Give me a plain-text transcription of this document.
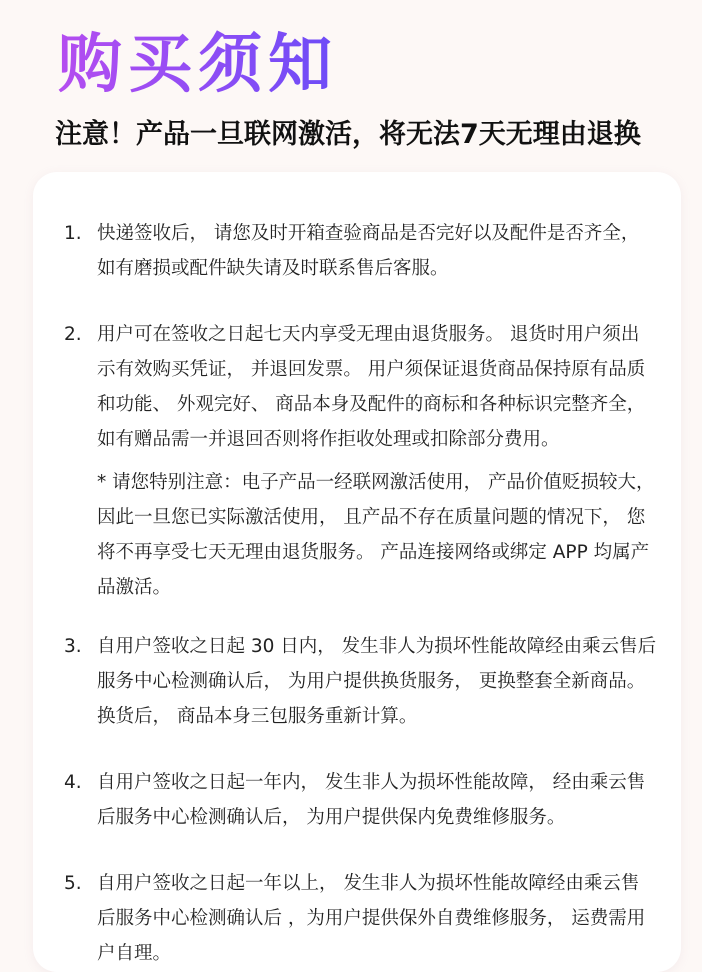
购买须知
注意！产品一旦联网激活，将无法7天无理由退换
1. 快递签收后， 请您及时开箱查验商品是否完好以及配件是否齐全， 如有磨损或配件缺失请及时联系售后客服。
2. 用户可在签收之日起七天内享受无理由退货服务。 退货时用户须出示有效购买凭证， 并退回发票。 用户须保证退货商品保持原有品质和功能、 外观完好、 商品本身及配件的商标和各种标识完整齐全， 如有赠品需一并退回否则将作拒收处理或扣除部分费用。
* 请您特别注意：电子产品一经联网激活使用， 产品价值贬损较大， 因此一旦您已实际激活使用， 且产品不存在质量问题的情况下， 您将不再享受七天无理由退货服务。 产品连接网络或绑定 APP 均属产品激活。
3. 自用户签收之日起 30 日内， 发生非人为损坏性能故障经由乘云售后服务中心检测确认后， 为用户提供换货服务， 更换整套全新商品。 换货后， 商品本身三包服务重新计算。
4. 自用户签收之日起一年内， 发生非人为损坏性能故障， 经由乘云售后服务中心检测确认后， 为用户提供保内免费维修服务。
5. 自用户签收之日起一年以上， 发生非人为损坏性能故障经由乘云售后服务中心检测确认后 ，为用户提供保外自费维修服务， 运费需用户自理。
